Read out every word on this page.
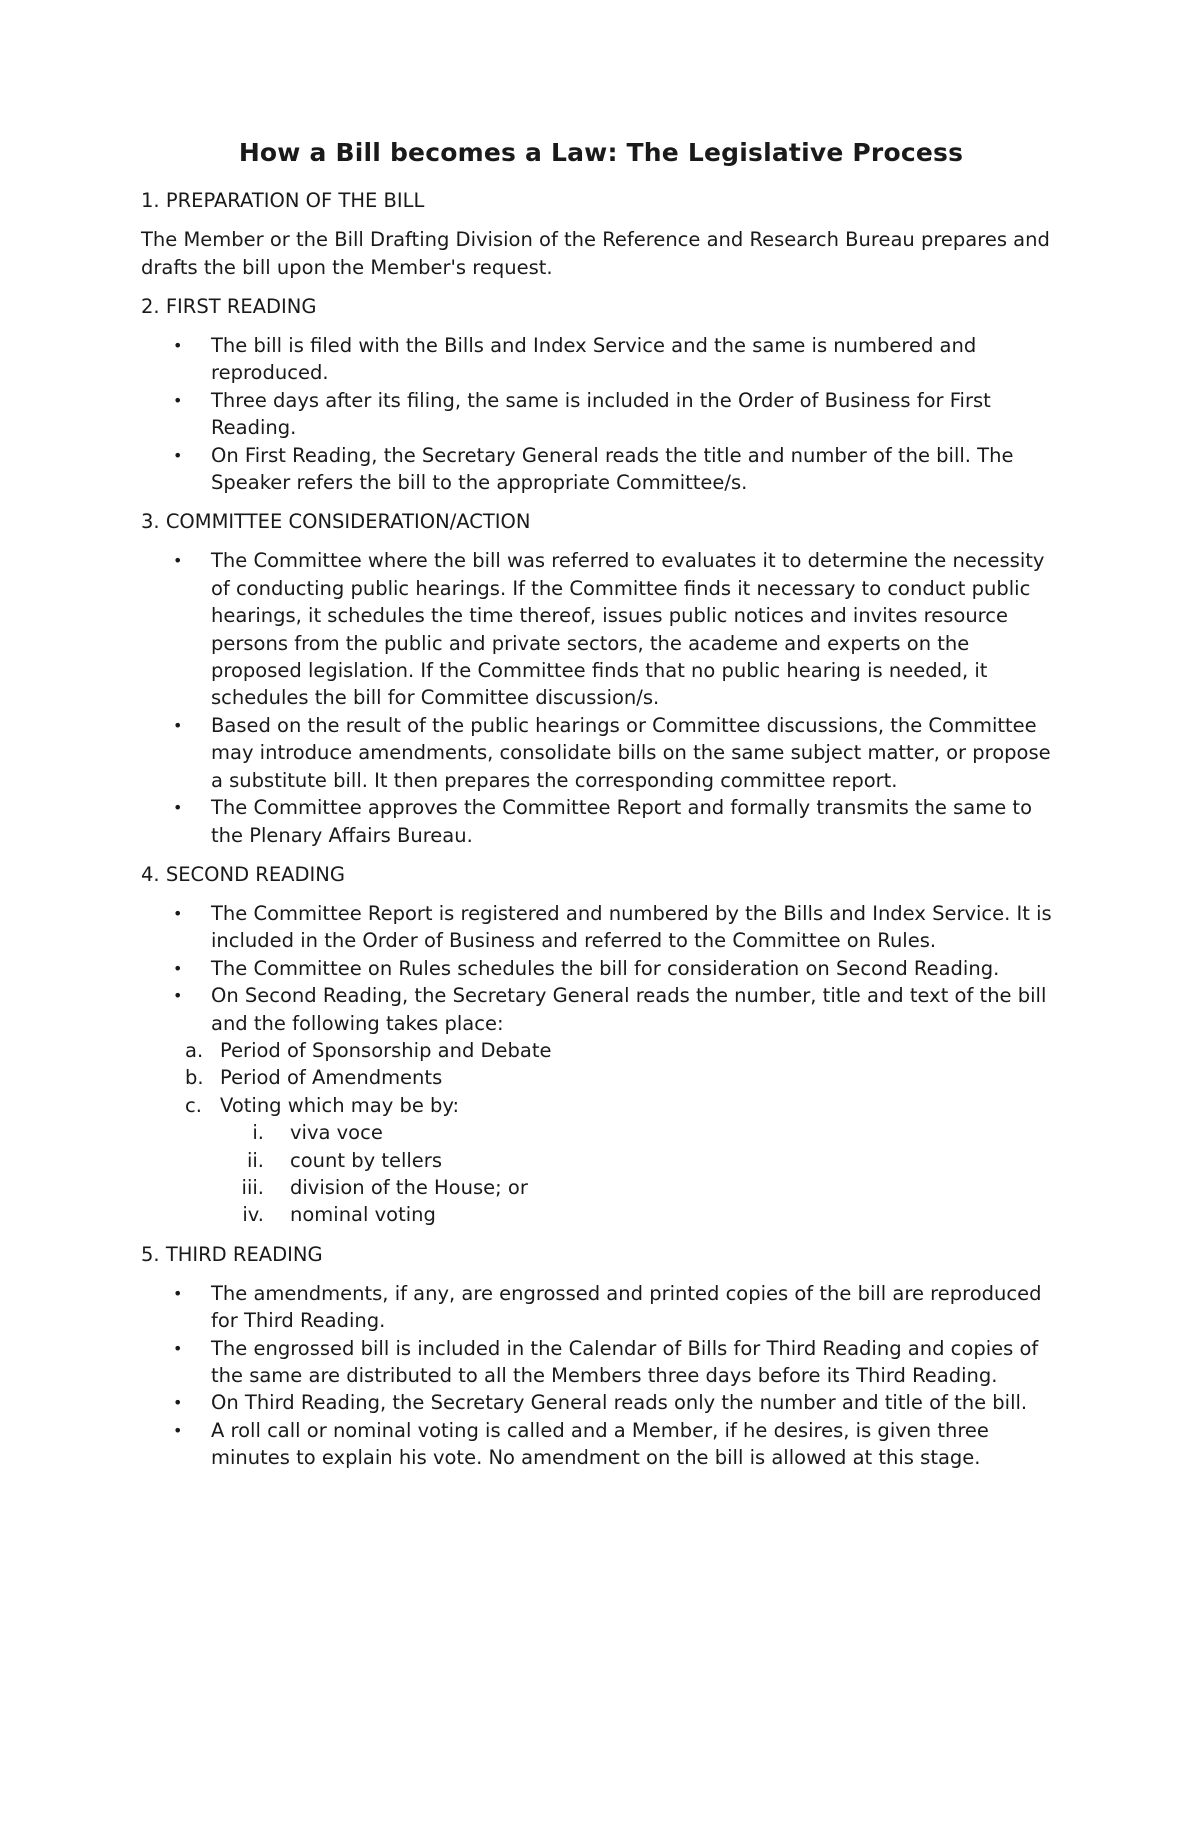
How a Bill becomes a Law: The Legislative Process
1. PREPARATION OF THE BILL

The Member or the Bill Drafting Division of the Reference and Research Bureau prepares and drafts the bill upon the Member's request.

2. FIRST READING
• The bill is filed with the Bills and Index Service and the same is numbered and reproduced.
• Three days after its filing, the same is included in the Order of Business for First Reading.
• On First Reading, the Secretary General reads the title and number of the bill. The Speaker refers the bill to the appropriate Committee/s.
3. COMMITTEE CONSIDERATION/ACTION
• The Committee where the bill was referred to evaluates it to determine the necessity of conducting public hearings. If the Committee finds it necessary to conduct public hearings, it schedules the time thereof, issues public notices and invites resource persons from the public and private sectors, the academe and experts on the proposed legislation. If the Committee finds that no public hearing is needed, it schedules the bill for Committee discussion/s.
• Based on the result of the public hearings or Committee discussions, the Committee may introduce amendments, consolidate bills on the same subject matter, or propose a substitute bill. It then prepares the corresponding committee report.
• The Committee approves the Committee Report and formally transmits the same to the Plenary Affairs Bureau.
4. SECOND READING
• The Committee Report is registered and numbered by the Bills and Index Service. It is included in the Order of Business and referred to the Committee on Rules.
• The Committee on Rules schedules the bill for consideration on Second Reading.
• On Second Reading, the Secretary General reads the number, title and text of the bill and the following takes place:
a. Period of Sponsorship and Debate
b. Period of Amendments
c. Voting which may be by:
i. viva voce
ii. count by tellers
iii. division of the House; or
iv. nominal voting
5. THIRD READING
• The amendments, if any, are engrossed and printed copies of the bill are reproduced for Third Reading.
• The engrossed bill is included in the Calendar of Bills for Third Reading and copies of the same are distributed to all the Members three days before its Third Reading.
• On Third Reading, the Secretary General reads only the number and title of the bill.
• A roll call or nominal voting is called and a Member, if he desires, is given three minutes to explain his vote. No amendment on the bill is allowed at this stage.
